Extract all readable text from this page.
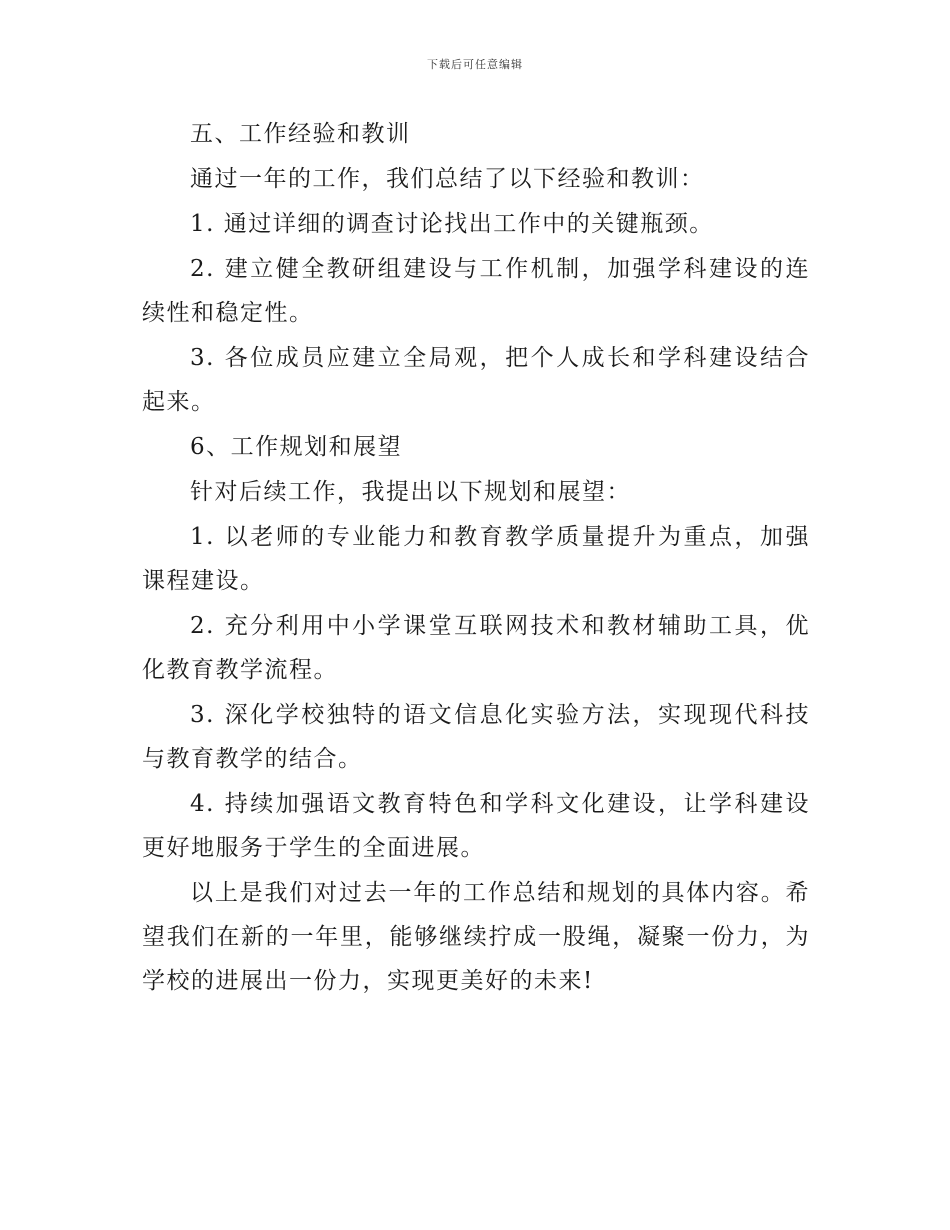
下载后可任意编辑

五、工作经验和教训

通过一年的工作，我们总结了以下经验和教训：

1. 通过详细的调查讨论找出工作中的关键瓶颈。

2. 建立健全教研组建设与工作机制，加强学科建设的连续性和稳定性。

3. 各位成员应建立全局观，把个人成长和学科建设结合起来。

6、工作规划和展望

针对后续工作，我提出以下规划和展望：

1. 以老师的专业能力和教育教学质量提升为重点，加强课程建设。

2. 充分利用中小学课堂互联网技术和教材辅助工具，优化教育教学流程。

3. 深化学校独特的语文信息化实验方法，实现现代科技与教育教学的结合。

4. 持续加强语文教育特色和学科文化建设，让学科建设更好地服务于学生的全面进展。

以上是我们对过去一年的工作总结和规划的具体内容。希望我们在新的一年里，能够继续拧成一股绳，凝聚一份力，为学校的进展出一份力，实现更美好的未来!
